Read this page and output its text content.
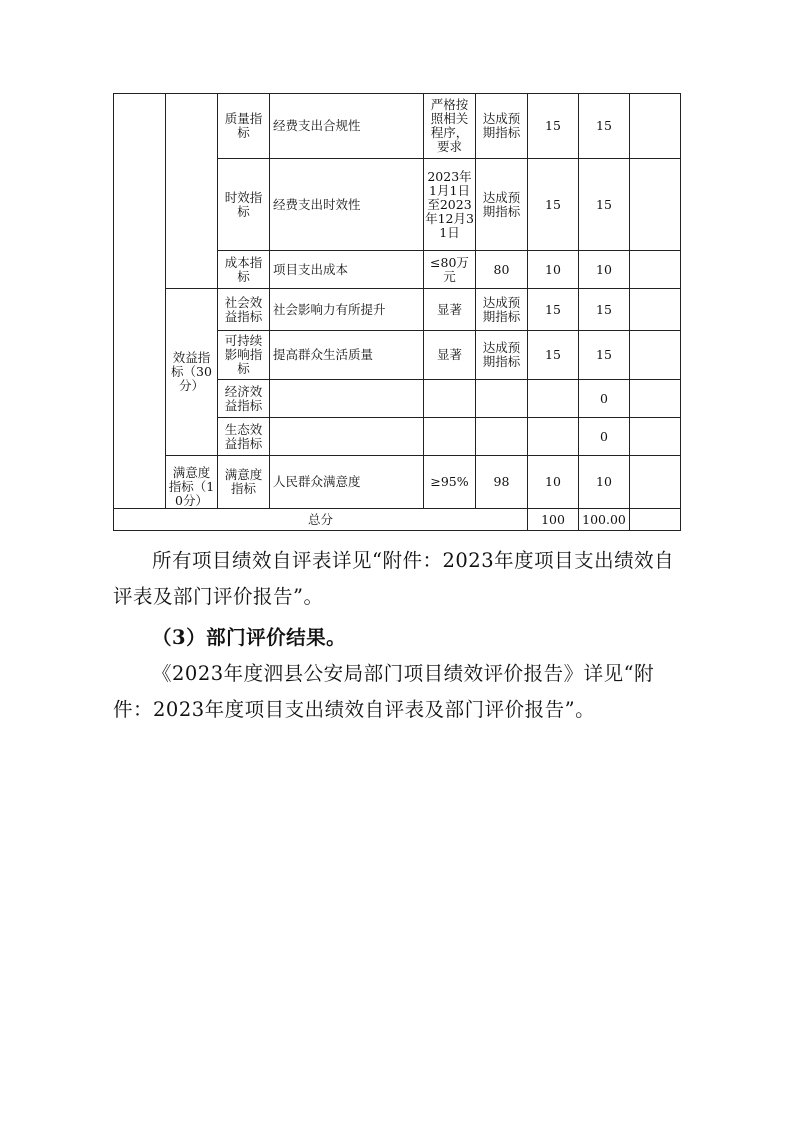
		质量指标	经费支出合规性	严格按照相关程序，要求	达成预期指标	15	15	
		时效指标	经费支出时效性	2023年1月1日至2023年12月31日	达成预期指标	15	15	
		成本指标	项目支出成本	≤80万元	80	10	10	
	效益指标（30分）	社会效益指标	社会影响力有所提升	显著	达成预期指标	15	15	
		可持续影响指标	提高群众生活质量	显著	达成预期指标	15	15	
		经济效益指标					0	
		生态效益指标					0	
	满意度指标（10分）	满意度指标	人民群众满意度	≥95%	98	10	10	
总分						100	100.00	

所有项目绩效自评表详见“附件：2023年度项目支出绩效自评表及部门评价报告”。

（3）部门评价结果。

《2023年度泗县公安局部门项目绩效评价报告》详见“附件：2023年度项目支出绩效自评表及部门评价报告”。
